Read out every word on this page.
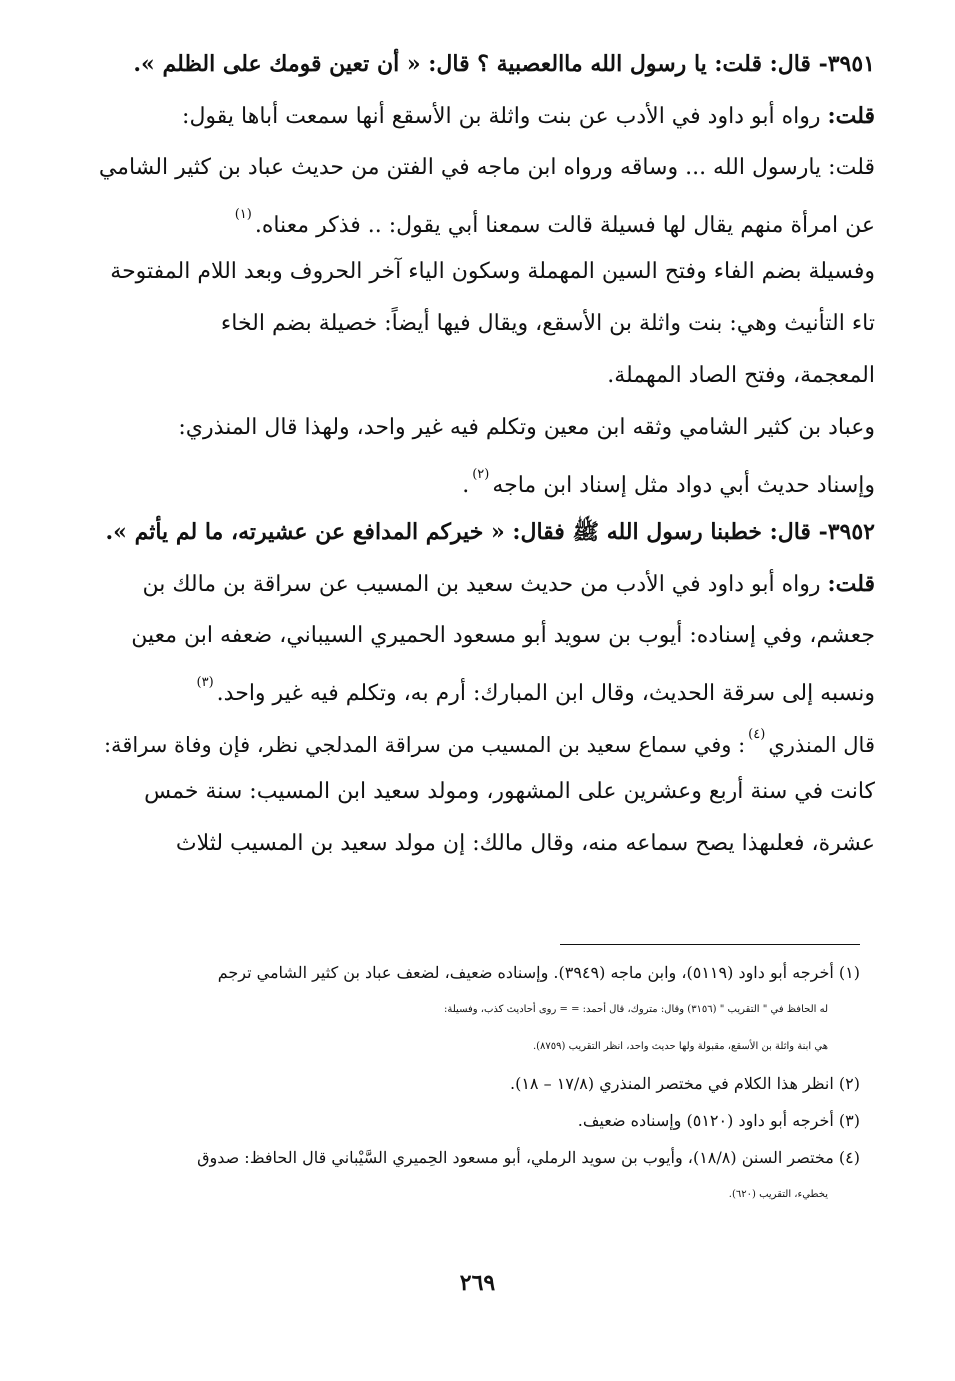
٣٩٥١- قال: قلت: يا رسول الله ماالعصبية ؟ قال: « أن تعين قومك على الظلم ».
قلت: رواه أبو داود في الأدب عن بنت واثلة بن الأسقع أنها سمعت أباها يقول:
قلت: يارسول الله ... وساقه ورواه ابن ماجه في الفتن من حديث عباد بن كثير الشامي
عن امرأة منهم يقال لها فسيلة قالت سمعنا أبي يقول: .. فذكر معناه.$^{(١)}$
وفسيلة بضم الفاء وفتح السين المهملة وسكون الياء آخر الحروف وبعد اللام المفتوحة
تاء التأنيث وهي: بنت واثلة بن الأسقع، ويقال فيها أيضاً: خصيلة بضم الخاء
المعجمة، وفتح الصاد المهملة.
وعباد بن كثير الشامي وثقه ابن معين وتكلم فيه غير واحد، ولهذا قال المنذري:
وإسناد حديث أبي دواد مثل إسناد ابن ماجه$^{(٢)}$.
٣٩٥٢- قال: خطبنا رسول الله ﷺ فقال: « خيركم المدافع عن عشيرته، ما لم يأثم ».
قلت: رواه أبو داود في الأدب من حديث سعيد بن المسيب عن سراقة بن مالك بن
جعشم، وفي إسناده: أيوب بن سويد أبو مسعود الحميري السيباني، ضعفه ابن معين
ونسبه إلى سرقة الحديث، وقال ابن المبارك: أرم به، وتكلم فيه غير واحد.$^{(٣)}$
قال المنذري$^{(٤)}$: وفي سماع سعيد بن المسيب من سراقة المدلجي نظر، فإن وفاة سراقة:
كانت في سنة أربع وعشرين على المشهور، ومولد سعيد ابن المسيب: سنة خمس
عشرة، فعلىهذا يصح سماعه منه، وقال مالك: إن مولد سعيد بن المسيب لثلاث
(١) أخرجه أبو داود (٥١١٩)، وابن ماجه (٣٩٤٩). وإسناده ضعيف، لضعف عباد بن كثير الشامي ترجم
له الحافظ في " التقريب " (٣١٥٦) وقال: متروك، قال أحمد: = = روى أحاديث كذب، وفسيلة:
هي ابنة واثلة بن الأسقع، مقبولة ولها حديث واحد، انظر التقريب (٨٧٥٩).
(٢) انظر هذا الكلام في مختصر المنذري (١٧/٨ – ١٨).
(٣) أخرجه أبو داود (٥١٢٠) وإسناده ضعيف.
(٤) مختصر السنن (١٨/٨)، وأيوب بن سويد الرملي، أبو مسعود الحِميري السَّيْباني قال الحافظ: صدوق
يخطيء، التقريب (٦٢٠).
٢٦٩
